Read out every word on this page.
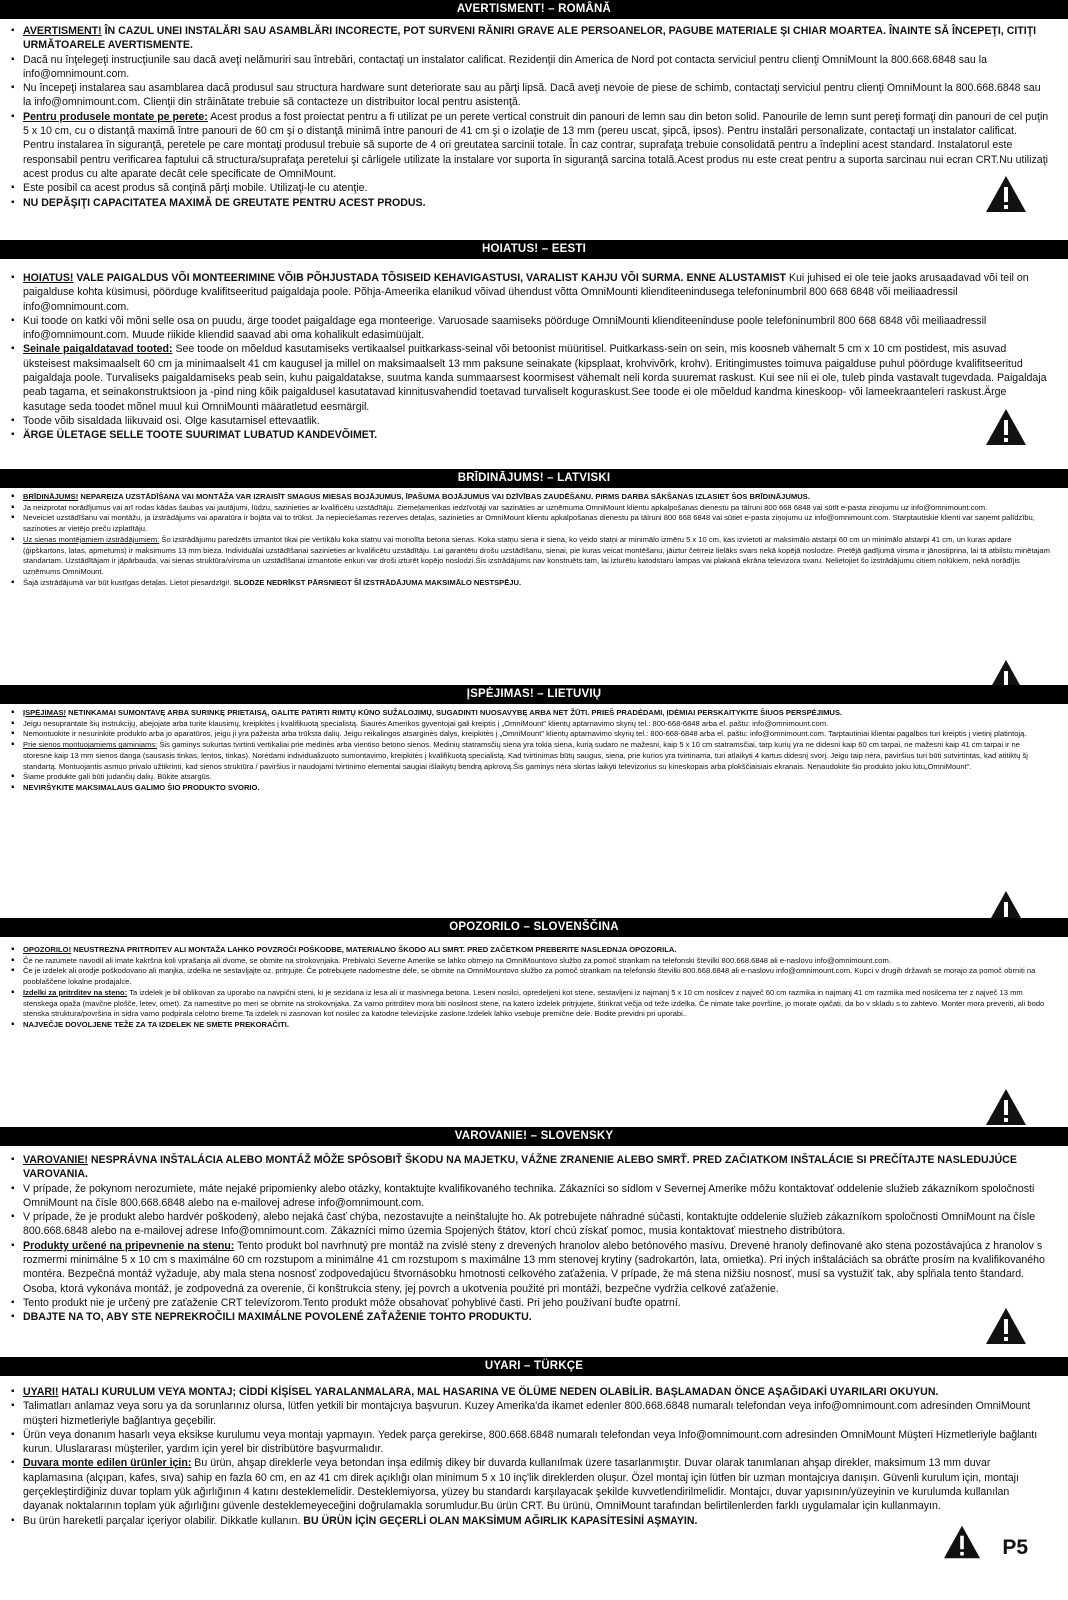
AVERTISMENT! – ROMÂNĂ
▪ AVERTISMENT! ÎN CAZUL UNEI INSTALĂRI SAU ASAMBLĂRI INCORECTE, POT SURVENI RĂNIRI GRAVE ALE PERSOANELOR, PAGUBE MATERIALE ŞI CHIAR MOARTEA. ÎNAINTE SĂ ÎNCEPEŢI, CITIŢI URMĂTOARELE AVERTISMENTE.
▪ Dacă nu înţelegeţi instrucţiunile sau dacă aveţi nelămuriri sau întrebări, contactaţi un instalator calificat. Rezidenţii din America de Nord pot contacta serviciul pentru clienţi OmniMount la 800.668.6848 sau la info@omnimount.com.
▪ Nu începeţi instalarea sau asamblarea dacă produsul sau structura hardware sunt deteriorate sau au părţi lipsă. Dacă aveţi nevoie de piese de schimb, contactaţi serviciul pentru clienţi OmniMount la 800.668.6848 sau la info@omnimount.com. Clienţii din străinătate trebuie să contacteze un distribuitor local pentru asistenţă.
▪ Pentru produsele montate pe perete: Acest produs a fost proiectat pentru a fi utilizat pe un perete vertical construit din panouri de lemn sau din beton solid. Panourile de lemn sunt pereţi formaţi din panouri de cel puţin 5 x 10 cm, cu o distanţă maximă între panouri de 60 cm şi o distanţă minimă între panouri de 41 cm şi o izolaţie de 13 mm (pereu uscat, şipcă, ipsos). Pentru instalări personalizate, contactaţi un instalator calificat. Pentru instalarea în siguranţă, peretele pe care montaţi produsul trebuie să suporte de 4 ori greutatea sarcinii totale. În caz contrar, suprafaţa trebuie consolidată pentru a îndeplini acest standard. Instalatorul este responsabil pentru verificarea faptului că structura/suprafaţa peretelui şi cârligele utilizate la instalare vor suporta în siguranţă sarcina totală.Acest produs nu este creat pentru a suporta sarcinau nui ecran CRT.Nu utilizaţi acest produs cu alte aparate decât cele specificate de OmniMount.
▪ Este posibil ca acest produs să conţină părţi mobile. Utilizaţi-le cu atenţie.
▪ NU DEPĂŞIŢI CAPACITATEA MAXIMĂ DE GREUTATE PENTRU ACEST PRODUS.
HOIATUS! – EESTI
▪ HOIATUS! VALE PAIGALDUS VÕI MONTEERIMINE VÕIB PÕHJUSTADA TÕSISEID KEHAVIGASTUSI, VARALIST KAHJU VÕI SURMA. ENNE ALUSTAMIST Kui juhised ei ole teie jaoks arusaadavad või teil on paigalduse kohta küsimusi, pöörduge kvalifitseeritud paigaldaja poole. Põhja-Ameerika elanikud võivad ühendust võtta OmniMounti klienditeenindusega telefoninumbril 800 668 6848 või meiliaadressil info@omnimount.com.
▪ Kui toode on katki või mõni selle osa on puudu, ärge toodet paigaldage ega monteerige. Varuosade saamiseks pöörduge OmniMounti klienditeeninduse poole telefoninumbril 800 668 6848 või meiliaadressil info@omnimount.com. Muude riikide kliendid saavad abi oma kohalikult edasimüüjalt.
▪ Seinale paigaldatavad tooted: See toode on mõeldud kasutamiseks vertikaalsel puitkarkass-seinal või betoonist müüritisel. Puitkarkass-sein on sein, mis koosneb vähemalt 5 cm x 10 cm postidest, mis asuvad üksteisest maksimaalselt 60 cm ja minimaalselt 41 cm kaugusel ja millel on maksimaalselt 13 mm paksune seinakate (kipsplaat, krohvivõrk, krohv). Eritingimustes toimuva paigalduse puhul pöörduge kvalifitseeritud paigaldaja poole. Turvaliseks paigaldamiseks peab sein, kuhu paigaldatakse, suutma kanda summaarsest koormisest vähemalt neli korda suuremat raskust. Kui see nii ei ole, tuleb pinda vastavalt tugevdada. Paigaldaja peab tagama, et seinakonstruktsioon ja -pind ning kõik paigaldusel kasutatavad kinnitusvahendid toetavad turvaliselt koguraskust.See toode ei ole mõeldud kandma kineskoop- või lameekraanteleri raskust.Ärge kasutage seda toodet mõnel muul kui OmniMounti määratletud eesmärgil.
▪ Toode võib sisaldada liikuvaid osi. Olge kasutamisel ettevaatlik.
▪ ÄRGE ÜLETAGE SELLE TOOTE SUURIMAT LUBATUD KANDEVÕIMET.
BRĪDINĀJUMS! – LATVISKI
▪ BRĪDINĀJUMS! NEPAREIZA UZSTĀDĪŠANA VAI MONTĀŽA VAR IZRAISĪT SMAGUS MIESAS BOJĀJUMUS, ĪPAŠUMA BOJĀJUMUS VAI DZĪVĪBAS ZAUDĒŠANU. PIRMS DARBA SĀKŠANAS IZLASIET ŠOS BRĪDINĀJUMUS.
▪ Ja neizprotat norādījumus vai arī rodas kādas šaubas vai jautājumi, lūdzu, sazinieties ar kvalificētu uzstādītāju. Ziemeļamerikas iedzīvotāji var sazināties ar uzņēmuma OmniMount klientu apkalpošanas dienestu pa tālruni 800 668 6848 vai sūtīt e-pasta ziņojumu uz info@omnimount.com.
▪ Neveiciet uzstādīšanu vai montāžu, ja izstrādājums vai aparatūra ir bojāta vai to trūkst. Ja nepieciešamas rezerves detaļas, sazinieties ar OmniMount klientu apkalpošanas dienestu pa tālruni 800 668 6848 vai sūtiet e-pasta ziņojumu uz info@omnimount.com. Starptautiskie klienti var saņemt palīdzību, sazinoties ar vietējo preču izplatītāju.
▪ Uz sienas montējamiem izstrādājumiem: Šo izstrādājumu paredzēts izmantot tikai pie vertikālu koka statņu vai monolīta betona sienas. Koka statņu siena ir siena, ko veido statņi ar minimālo izmēru 5 x 10 cm, kas izvietoti ar maksimālo atstarpi 60 cm un minimālo atstarpi 41 cm, un kuras apdare (ģipškartons, latas, apmetums) ir maksimums 13 mm bieza. Individuālai uzstādīšanai sazinieties ar kvalificētu uzstādītāju. Lai garantētu drošu uzstādīšanu, sienai, pie kuras veicat montēšanu, jāiztur četrreiz lielāks svars nekā kopējā noslodze. Pretējā gadījumā virsma ir jānostiprina, lai tā atbilstu minētajam standartam. Uzstādītājam ir jāpārbauda, vai sienas struktūra/virsma un uzstādīšanai izmantotie enkuri var droši izturēt kopējo noslodzi.Šis izstrādājums nav konstruēts tam, lai izturētu katodstaru lampas vai plakanā ekrāna televizora svaru. Nelietojiet šo izstrādājumu citiem nolūkiem, nekā norādījis uzņēmums OmniMount.
▪ Šajā izstrādājumā var būt kustīgas detaļas. Lietot piesardzīgi!. SLODZE NEDRĪKST PĀRSNIEGT ŠĪ IZSTRĀDĀJUMA MAKSIMĀLO NESTSPĒJU.
ĮSPĖJIMAS! – LIETUVIŲ
▪ ĮSPĖJIMAS! NETINKAMAI SUMONTAVĘ ARBA SURINKĘ PRIETAISĄ, GALITE PATIRTI RIMTŲ KŪNO SUŽALOJIMŲ, SUGADINTI NUOSAVYBĘ ARBA NET ŽŪTI. PRIEŠ PRADĖDAMI, ĮDĖMIAI PERSKAITYKITE ŠIUOS PERSPĖJIMUS.
▪ Jeigu nesuprantate šių instrukcijų, abejojate arba turite klausimų, kreipkitės į kvalifikuotą specialistą. Šiaurės Amerikos gyventojai gali kreiptis į „OmniMount" klientų aptarnavimo skyrių tel.: 800-668-6848 arba el. paštu: info@omnimount.com.
▪ Nemontuokite ir nesurinkite produkto arba jo aparatūros, jeigu ji yra pažeista arba trūksta dalių. Jeigu reikalingos atsarginės dalys, kreipkitės į „OmniMount" klientų aptarnavimo skyrių tel.: 800-668-6848 arba el. paštu: info@omnimount.com. Tarptautiniai klientai pagalbos turi kreiptis į vietinį platintoją.
▪ Prie sienos montuojamiems gaminiams: Šis gaminys sukurtas tvirtinti vertikaliai prie medinės arba vientiso betono sienos. Medinių statramsčių siena yra tokia siena, kurią sudaro ne mažesni, kaip 5 x 10 cm statramsčiai, tarp kurių yra ne didesni kaip 60 cm tarpai, ne mažesni kaip 41 cm tarpai ir ne storesnė kaip 13 mm sienos danga (sausasis tinkas, lentos, tinkas). Norėdami individualizuoto sumontavimo, kreipkitės į kvalifikuotą specialistą. Kad tvirtinimas būtų saugus, siena, prie kurios yra tvirtinama, turi atlaikyti 4 kartus didesnį svorį. Jeigu taip nėra, paviršius turi būti sutvirtintas, kad atitiktų šį standartą. Montuojantis asmuo privalo užtikrinti, kad sienos struktūra / paviršius ir naudojami tvirtinimo elementai saugiai išlaikytų bendrą apkrovą.Šis gaminys nėra skirtas laikyti televizorius su kineskopais arba plokščiaisiais ekranais. Nenaudokite šio produkto jokiu kitu„OmniMount".
▪ Šiame produkte gali būti judančių dalių. Būkite atsargūs.
▪ NEVIRŠYKITE MAKSIMALAUS GALIMO ŠIO PRODUKTO SVORIO.
OPOZORILO – SLOVENŠČINA
▪ OPOZORILO! NEUSTREZNA PRITRDITEV ALI MONTAŽA LAHKO POVZROČI POŠKODBE, MATERIALNO ŠKODO ALI SMRT. PRED ZAČETKOM PREBERITE NASLEDNJA OPOZORILA.
▪ Če ne razumete navodil ali imate kakršna koli vprašanja ali dvome, se obrnite na strokovnjaka. Prebivalci Severne Amerike se lahko obrnejo na OmniMountovo službo za pomoč strankam na telefonski številki 800.668.6848 ali e-naslovu info@omnimount.com.
▪ Če je izdelek ali orodje poškodovano ali manjka, izdelka ne sestavljajte oz. pritrjujte. Če potrebujete nadomestne dele, se obrnite na OmniMountovo službo za pomoč strankam na telefonski številki 800.668.6848 ali e-naslovu info@omnimount.com. Kupci v drugih državah se morajo za pomoč obrniti na pooblaščene lokalne prodajalce.
▪ Izdelki za pritrditev na steno: Ta izdelek je bil oblikovan za uporabo na navpični steni, ki je sezidana iz lesa ali iz masivnega betona. Leseni nosilci, opredeljeni kot stene, sestavljeni iz najmanj 5 x 10 cm nosilcev z največ 60 cm razmika in najmanj 41 cm razmika med nosilcema ter z največ 13 mm stenskega opaža (mavčne plošče, letev, omet). Za namestitve po meri se obrnite na strokovnjaka. Za varno pritrditev mora biti nosilnost stene, na katero izdelek pritrjujete, štirikrat večja od teže izdelka. Če nimate take površine, jo morate ojačati, da bo v skladu s to zahtevo. Monter mora preveriti, ali bodo stenska struktura/površina in sidra varno podpirala celotno breme.Ta izdelek ni zasnovan kot nosilec za katodne televizijske zaslone.Izdelek lahko vsebuje premične dele. Bodite previdni pri uporabi..
▪ NAJVEČJE DOVOLJENE TEŽE ZA TA IZDELEK NE SMETE PREKORAČITI.
VAROVANIE! – SLOVENSKY
▪ VAROVANIE! NESPRÁVNA INŠTALÁCIA ALEBO MONTÁŽ MÔŽE SPÔSOBIŤ ŠKODU NA MAJETKU, VÁŽNE ZRANENIE ALEBO SMRŤ. PRED ZAČIATKOM INŠTALÁCIE SI PREČÍTAJTE NASLEDUJÚCE VAROVANIA.
▪ V prípade, že pokynom nerozumiete, máte nejaké pripomienky alebo otázky, kontaktujte kvalifikovaného technika. Zákazníci so sídlom v Severnej Amerike môžu kontaktovať oddelenie služieb zákazníkom spoločnosti OmniMount na čísle 800.668.6848 alebo na e-mailovej adrese info@omnimount.com.
▪ V prípade, že je produkt alebo hardvér poškodený, alebo nejaká časť chýba, nezostavujte a neinštalujte ho. Ak potrebujete náhradné súčasti, kontaktujte oddelenie služieb zákazníkom spoločnosti OmniMount na čísle 800.668.6848 alebo na e-mailovej adrese Info@omnimount.com. Zákazníci mimo územia Spojených štátov, ktorí chcú získať pomoc, musia kontaktovať miestneho distribútora.
▪ Produkty určené na pripevnenie na stenu: Tento produkt bol navrhnutý pre montáž na zvislé steny z drevených hranolov alebo betónového masívu. Drevené hranoly definované ako stena pozostávajúca z hranolov s rozmermi minimálne 5 x 10 cm s maximálne 60 cm rozstupom a minimálne 41 cm rozstupom s maximálne 13 mm stenovej krytiny (sadrokartón, lata, omietka). Pri iných inštaláciách sa obráťte prosím na kvalifikovaného montéra. Bezpečná montáž vyžaduje, aby mala stena nosnosť zodpovedajúcu štvornásobku hmotnosti celkového zaťaženia. V prípade, že má stena nižšiu nosnosť, musí sa vystužiť tak, aby spĺňala tento štandard. Osoba, ktorá vykonáva montáž, je zodpovedná za overenie, či konštrukcia steny, jej povrch a ukotvenia použité pri montáži, bezpečne vydržia celkové zaťaženie.
▪ Tento produkt nie je určený pre zaťaženie CRT televízorom.Tento produkt môže obsahovať pohyblivé časti. Pri jeho používaní buďte opatrní.
▪ DBAJTE NA TO, ABY STE NEPREKROČILI MAXIMÁLNE POVOLENÉ ZAŤAŽENIE TOHTO PRODUKTU.
UYARI – TÜRKÇE
▪ UYARI! HATALI KURULUM VEYA MONTAJ; CİDDİ KİŞİSEL YARALANMALARA, MAL HASARINA VE ÖLÜME NEDEN OLABİLİR. BAŞLAMADAN ÖNCE AŞAĞIDAKİ UYARILARI OKUYUN.
▪ Talimatları anlamaz veya soru ya da sorunlarınız olursa, lütfen yetkili bir montajcıya başvurun. Kuzey Amerika'da ikamet edenler 800.668.6848 numaralı telefondan veya info@omnimount.com adresinden OmniMount müşteri hizmetleriyle bağlantıya geçebilir.
▪ Ürün veya donanım hasarlı veya eksikse kurulumu veya montajı yapmayın. Yedek parça gerekirse, 800.668.6848 numaralı telefondan veya Info@omnimount.com adresinden OmniMount Müşteri Hizmetleriyle bağlantı kurun. Uluslararası müşteriler, yardım için yerel bir distribütöre başvurmalıdır.
▪ Duvara monte edilen ürünler için: Bu ürün, ahşap direklerle veya betondan inşa edilmiş dikey bir duvarda kullanılmak üzere tasarlanmıştır. Duvar olarak tanımlanan ahşap direkler, maksimum 13 mm duvar kaplamasına (alçıpan, kafes, sıva) sahip en fazla 60 cm, en az 41 cm direk açıklığı olan minimum 5 x 10 inç'lik direklerden oluşur. Özel montaj için lütfen bir uzman montajcıya danışın. Güvenli kurulum için, montajı gerçekleştirdiğiniz duvar toplam yük ağırlığının 4 katını desteklemelidir. Desteklemiyorsa, yüzey bu standardı karşılayacak şekilde kuvvetlendirilmelidir. Montajcı, duvar yapısının/yüzeyinin ve kurulumda kullanılan dayanak noktalarının toplam yük ağırlığını güvenle desteklemeyeceğini doğrulamakla sorumludur.Bu ürün CRT. Bu ürünü, OmniMount tarafından belirtilenlerden farklı uygulamalar için kullanmayın.
▪ Bu ürün hareketli parçalar içeriyor olabilir. Dikkatle kullanın. BU ÜRÜN İÇİN GEÇERLİ OLAN MAKSİMUM AĞIRLIK KAPASİTESİNİ AŞMAYIN.
P5
